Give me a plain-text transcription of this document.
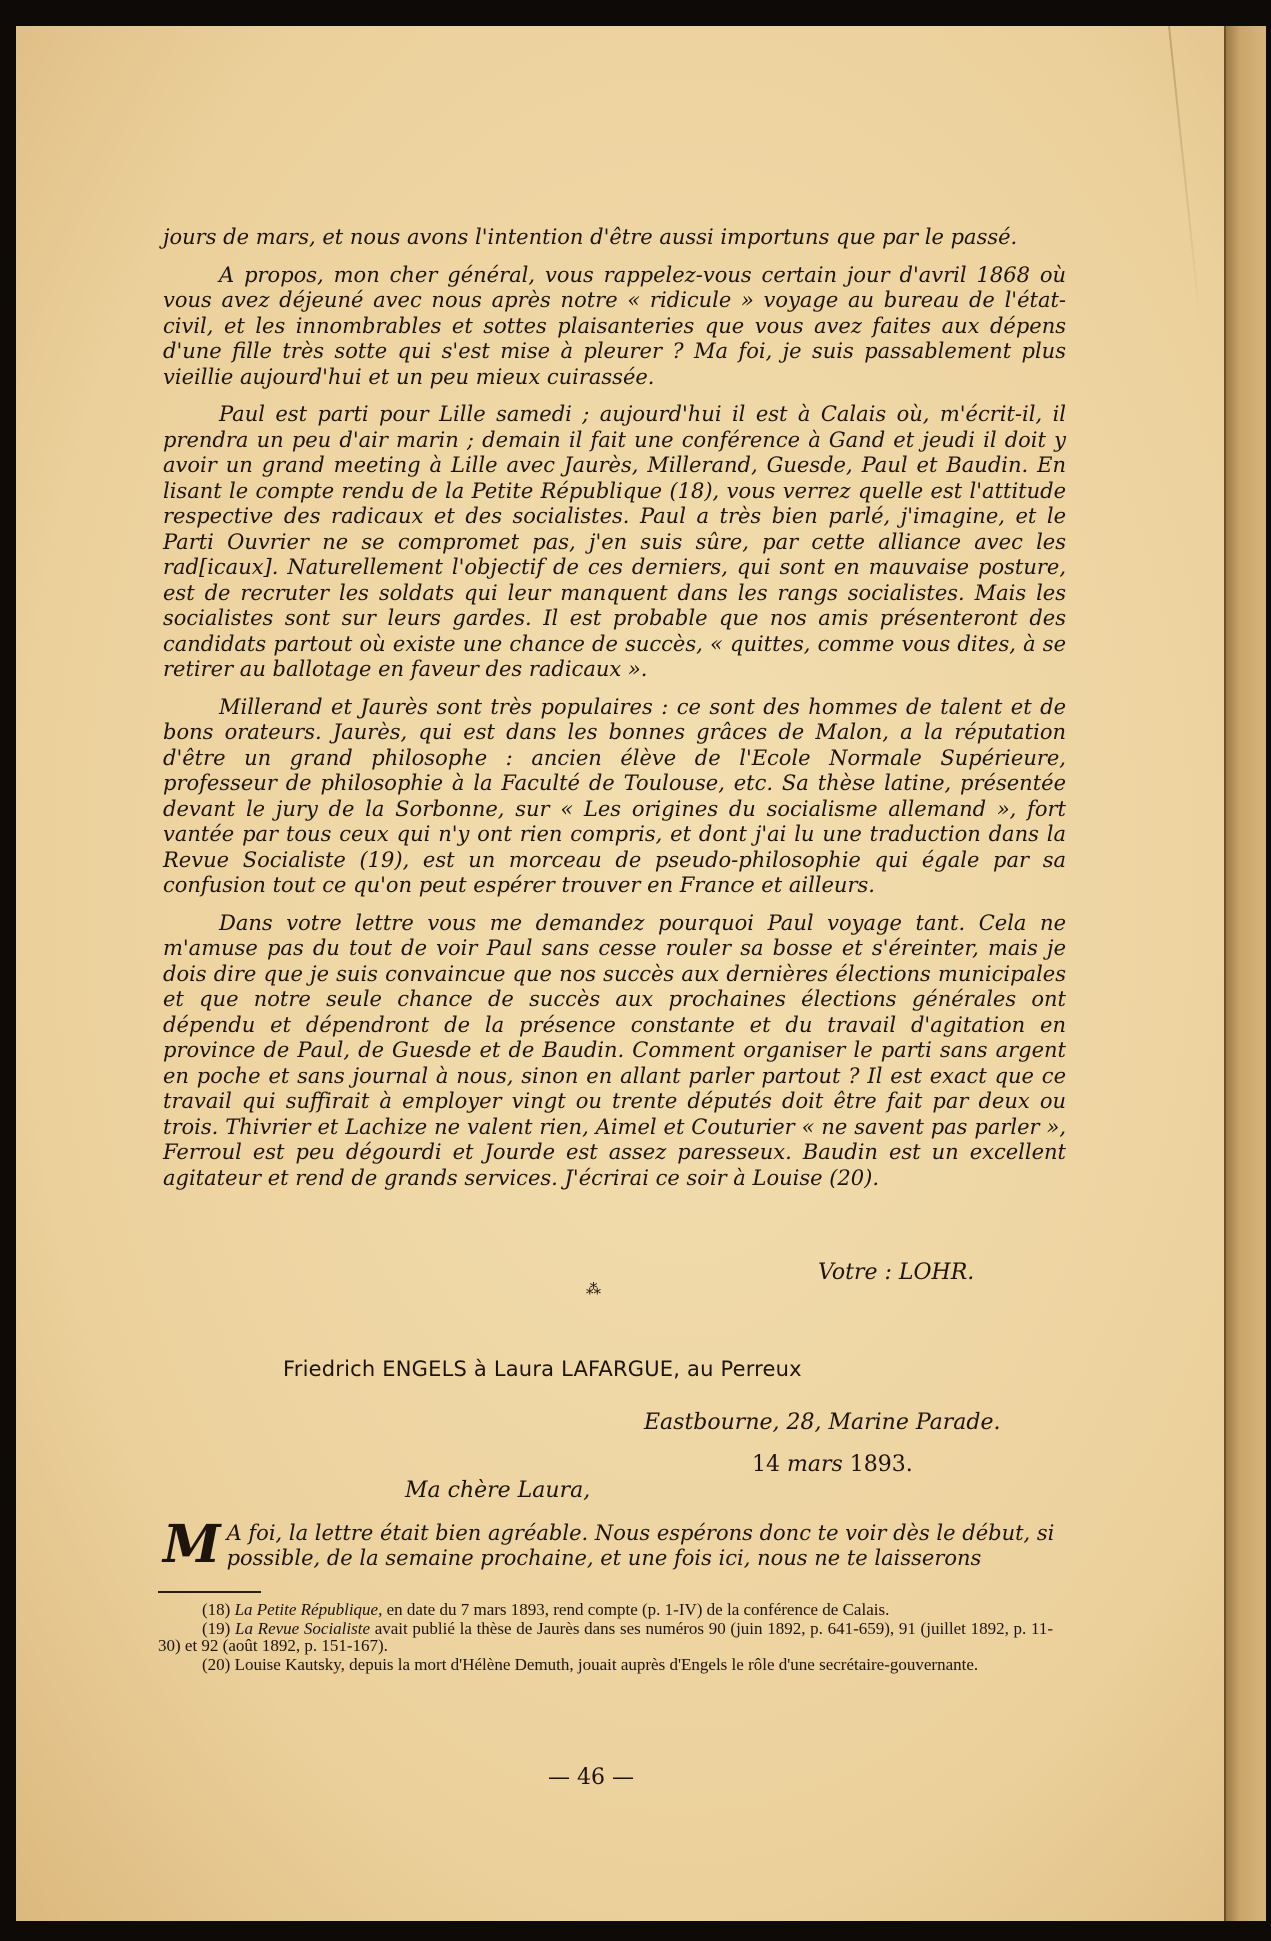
jours de mars, et nous avons l'intention d'être aussi importuns que par le passé.

A propos, mon cher général, vous rappelez-vous certain jour d'avril 1868 où vous avez déjeuné avec nous après notre « ridicule » voyage au bureau de l'état-civil, et les innombrables et sottes plaisanteries que vous avez faites aux dépens d'une fille très sotte qui s'est mise à pleurer ? Ma foi, je suis passablement plus vieillie aujourd'hui et un peu mieux cuirassée.

Paul est parti pour Lille samedi ; aujourd'hui il est à Calais où, m'écrit-il, il prendra un peu d'air marin ; demain il fait une conférence à Gand et jeudi il doit y avoir un grand meeting à Lille avec Jaurès, Millerand, Guesde, Paul et Baudin. En lisant le compte rendu de la Petite République (18), vous verrez quelle est l'attitude respective des radicaux et des socialistes. Paul a très bien parlé, j'imagine, et le Parti Ouvrier ne se compromet pas, j'en suis sûre, par cette alliance avec les rad[icaux]. Naturellement l'objectif de ces derniers, qui sont en mauvaise posture, est de recruter les soldats qui leur manquent dans les rangs socialistes. Mais les socialistes sont sur leurs gardes. Il est probable que nos amis présenteront des candidats partout où existe une chance de succès, « quittes, comme vous dites, à se retirer au ballotage en faveur des radicaux ».

Millerand et Jaurès sont très populaires : ce sont des hommes de talent et de bons orateurs. Jaurès, qui est dans les bonnes grâces de Malon, a la réputation d'être un grand philosophe : ancien élève de l'Ecole Normale Supérieure, professeur de philosophie à la Faculté de Toulouse, etc. Sa thèse latine, présentée devant le jury de la Sorbonne, sur « Les origines du socialisme allemand », fort vantée par tous ceux qui n'y ont rien compris, et dont j'ai lu une traduction dans la Revue Socialiste (19), est un morceau de pseudo-philosophie qui égale par sa confusion tout ce qu'on peut espérer trouver en France et ailleurs.

Dans votre lettre vous me demandez pourquoi Paul voyage tant. Cela ne m'amuse pas du tout de voir Paul sans cesse rouler sa bosse et s'éreinter, mais je dois dire que je suis convaincue que nos succès aux dernières élections municipales et que notre seule chance de succès aux prochaines élections générales ont dépendu et dépendront de la présence constante et du travail d'agitation en province de Paul, de Guesde et de Baudin. Comment organiser le parti sans argent en poche et sans journal à nous, sinon en allant parler partout ? Il est exact que ce travail qui suffirait à employer vingt ou trente députés doit être fait par deux ou trois. Thivrier et Lachize ne valent rien, Aimel et Couturier « ne savent pas parler », Ferroul est peu dégourdi et Jourde est assez paresseux. Baudin est un excellent agitateur et rend de grands services. J'écrirai ce soir à Louise (20).

Votre : LOHR.
⁂
Friedrich ENGELS à Laura LAFARGUE, au Perreux
Eastbourne, 28, Marine Parade.
14 mars 1893.
Ma chère Laura,
M A foi, la lettre était bien agréable. Nous espérons donc te voir dès le début, si possible, de la semaine prochaine, et une fois ici, nous ne te laisserons

(18) La Petite République, en date du 7 mars 1893, rend compte (p. 1-IV) de la conférence de Calais.

(19) La Revue Socialiste avait publié la thèse de Jaurès dans ses numéros 90 (juin 1892, p. 641-659), 91 (juillet 1892, p. 11-30) et 92 (août 1892, p. 151-167).

(20) Louise Kautsky, depuis la mort d'Hélène Demuth, jouait auprès d'Engels le rôle d'une secrétaire-gouvernante.

— 46 —
